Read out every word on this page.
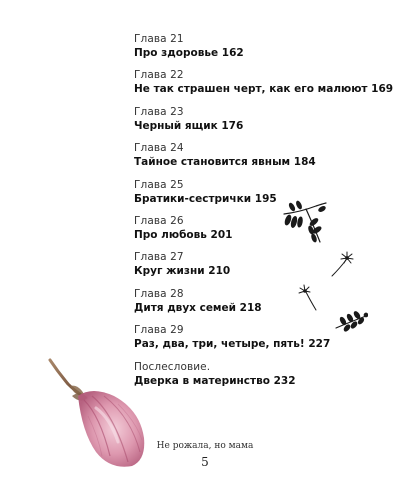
Глава 21
Про здоровье 162
Глава 22
Не так страшен черт, как его малюют 169
Глава 23
Черный ящик 176
Глава 24
Тайное становится явным 184
Глава 25
Братики-сестрички 195
Глава 26
Про любовь 201
Глава 27
Круг жизни 210
Глава 28
Дитя двух семей 218
Глава 29
Раз, два, три, четыре, пять! 227
Послесловие.
Дверка в материнство 232
Не рожала, но мама
5
